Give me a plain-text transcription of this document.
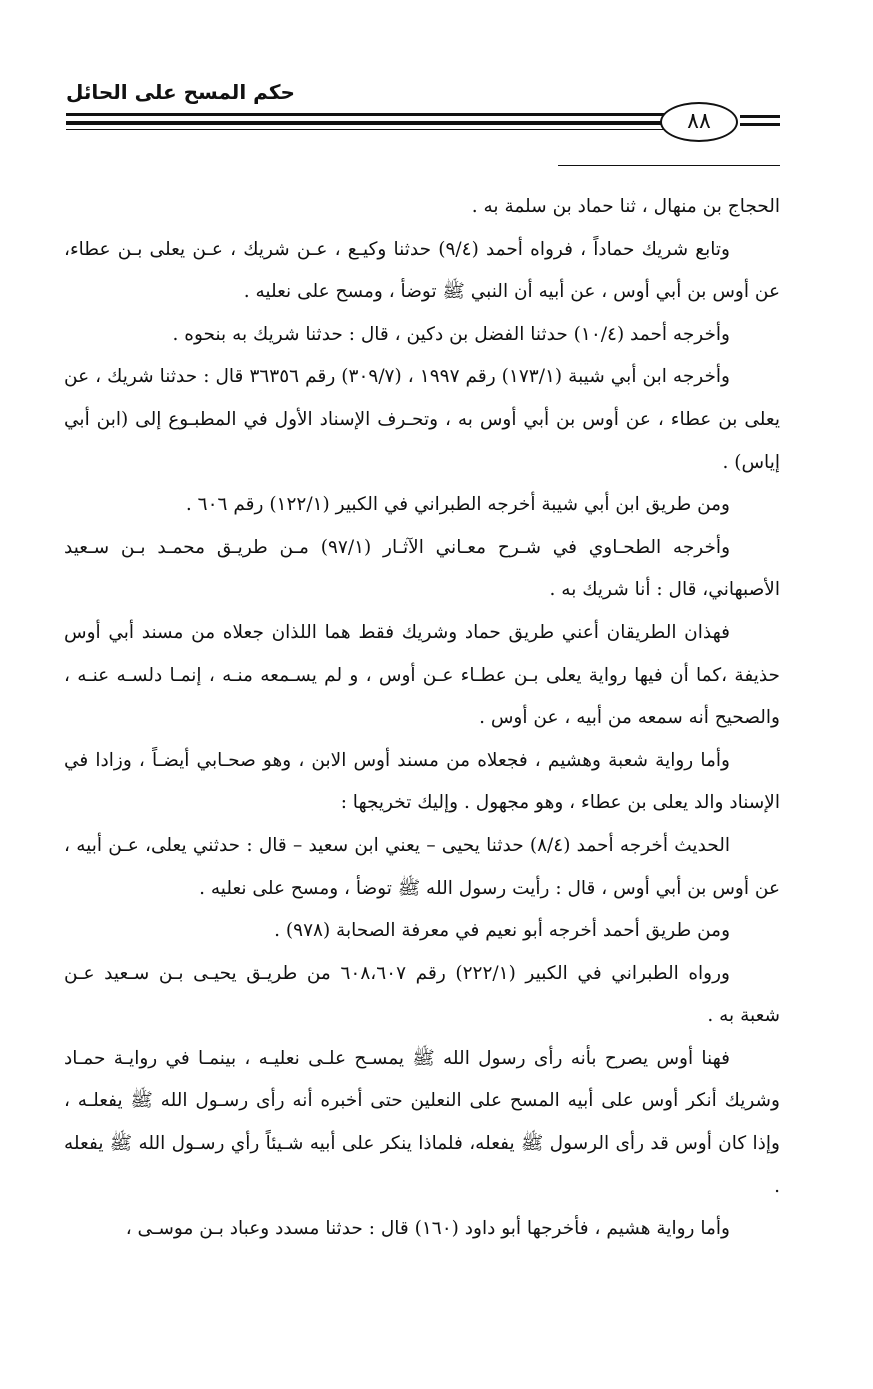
حكم المسح على الحائل
٨٨

الحجاج بن منهال ، ثنا حماد بن سلمة به .

وتابع شريك حماداً ، فرواه أحمد (٩/٤) حدثنا وكيـع ، عـن شريك ، عـن يعلى بـن عطاء، عن أوس بن أبي أوس ، عن أبيه أن النبي ﷺ توضأ ، ومسح على نعليه .

وأخرجه أحمد (١٠/٤) حدثنا الفضل بن دكين ، قال : حدثنا شريك به بنحوه .

وأخرجه ابن أبي شيبة (١٧٣/١) رقم ١٩٩٧ ، (٣٠٩/٧) رقم ٣٦٣٥٦ قال : حدثنا شريك ، عن يعلى بن عطاء ، عن أوس بن أبي أوس به ، وتحـرف الإسناد الأول في المطبـوع إلى (ابن أبي إياس) .

ومن طريق ابن أبي شيبة أخرجه الطبراني في الكبير (١٢٢/١) رقم ٦٠٦ .

وأخرجه الطحـاوي في شـرح معـاني الآثـار (٩٧/١) مـن طريـق محمـد بـن سـعيد الأصبهاني، قال : أنا شريك به .

فهذان الطريقان أعني طريق حماد وشريك فقط هما اللذان جعلاه من مسند أبي أوس حذيفة ،كما أن فيها رواية يعلى بـن عطـاء عـن أوس ، و لم يسـمعه منـه ، إنمـا دلسـه عنـه ، والصحيح أنه سمعه من أبيه ، عن أوس .

وأما رواية شعبة وهشيم ، فجعلاه من مسند أوس الابن ، وهو صحـابي أيضـاً ، وزادا في الإسناد والد يعلى بن عطاء ، وهو مجهول . وإليك تخريجها :

الحديث أخرجه أحمد (٨/٤) حدثنا يحيى – يعني ابن سعيد – قال : حدثني يعلى، عـن أبيه ، عن أوس بن أبي أوس ، قال : رأيت رسول الله ﷺ توضأ ، ومسح على نعليه .

ومن طريق أحمد أخرجه أبو نعيم في معرفة الصحابة (٩٧٨) .

ورواه الطبراني في الكبير (٢٢٢/١) رقم ٦٠٨،٦٠٧ من طريـق يحيـى بـن سـعيد عـن شعبة به .

فهنا أوس يصرح بأنه رأى رسول الله ﷺ يمسـح علـى نعليـه ، بينمـا في روايـة حمـاد وشريك أنكر أوس على أبيه المسح على النعلين حتى أخبره أنه رأى رسـول الله ﷺ يفعلـه ، وإذا كان أوس قد رأى الرسول ﷺ يفعله، فلماذا ينكر على أبيه شـيئاً رأي رسـول الله ﷺ يفعله .

وأما رواية هشيم ، فأخرجها أبو داود (١٦٠) قال : حدثنا مسدد وعباد بـن موسـى ،
